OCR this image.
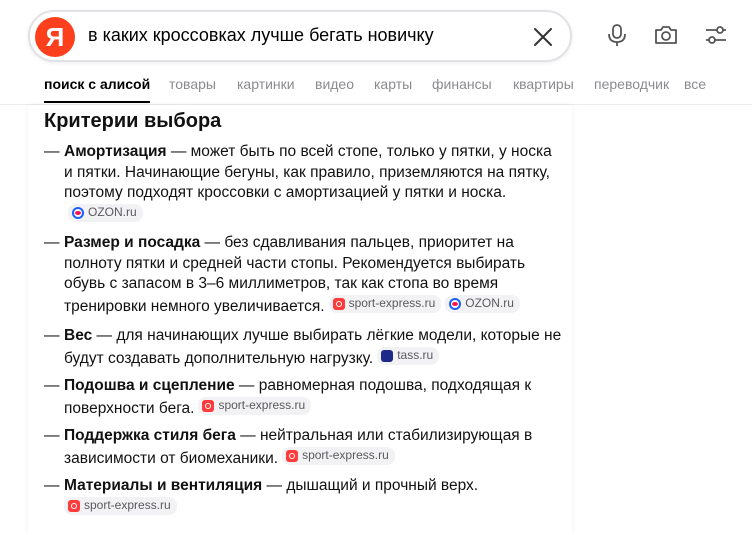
Я
в каких кроссовках лучше бегать новичку
поиск с алисой товары картинки видео карты финансы квартиры переводчик все
Критерии выбора
— Амортизация — может быть по всей стопе, только у пятки, у носка и пятки. Начинающие бегуны, как правило, приземляются на пятку, поэтому подходят кроссовки с амортизацией у пятки и носка.

OZON.ru
— Размер и посадка — без сдавливания пальцев, приоритет на полноту пятки и средней части стопы. Рекомендуется выбирать обувь с запасом в 3–6 миллиметров, так как стопа во время тренировки немного увеличивается. sport-express.ru	OZON.ru
— Вес — для начинающих лучше выбирать лёгкие модели, которые не будут создавать дополнительную нагрузку. tass.ru
— Подошва и сцепление — равномерная подошва, подходящая к поверхности бега. sport-express.ru
— Поддержка стиля бега — нейтральная или стабилизирующая в зависимости от биомеханики. sport-express.ru
— Материалы и вентиляция — дышащий и прочный верх.

sport-express.ru
